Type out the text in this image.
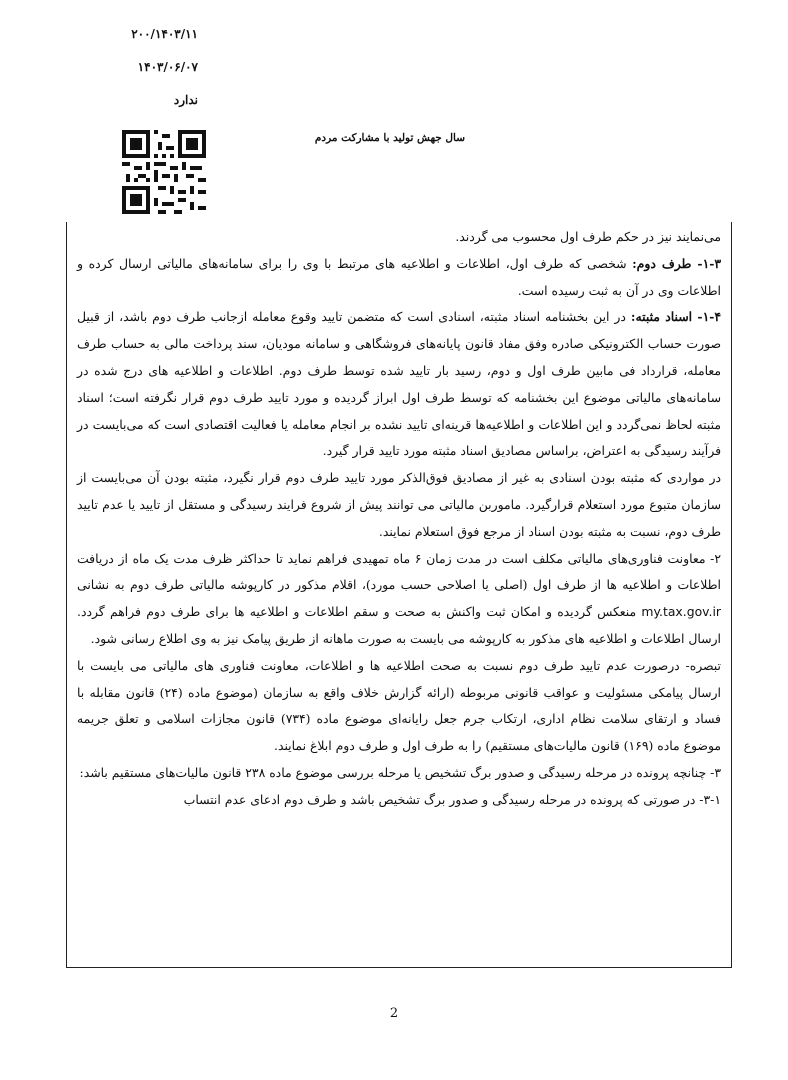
۲۰۰/۱۴۰۳/۱۱
۱۴۰۳/۰۶/۰۷
ندارد
سال جهش تولید با مشارکت مردم

می‌نمایند نیز در حکم طرف اول محسوب می گردند.

۱-۳- طرف دوم: شخصی که طرف اول، اطلاعات و اطلاعیه های مرتبط با وی را برای سامانه‌های مالیاتی ارسال کرده و اطلاعات وی در آن به ثبت رسیده است.

۱-۴- اسناد مثبته: در این بخشنامه اسناد مثبته، اسنادی است که متضمن تایید وقوع معامله ازجانب طرف دوم باشد، از قبیل صورت حساب الکترونیکی صادره وفق مفاد قانون پایانه‌های فروشگاهی و سامانه مودیان، سند پرداخت مالی به حساب طرف معامله، قرارداد فی مابین طرف اول و دوم، رسید بار تایید شده توسط طرف دوم. اطلاعات و اطلاعیه های درج شده در سامانه‌های مالیاتی موضوع این بخشنامه که توسط طرف اول ابراز گردیده و مورد تایید طرف دوم قرار نگرفته است؛ اسناد مثبته لحاظ نمی‌گردد و این اطلاعات و اطلاعیه‌ها قرینه‌ای تایید نشده بر انجام معامله یا فعالیت اقتصادی است که می‌بایست در فرآیند رسیدگی به اعتراض، براساس مصادیق اسناد مثبته مورد تایید قرار گیرد.

در مواردی که مثبته بودن اسنادی به غیر از مصادیق فوق‌الذکر مورد تایید طرف دوم قرار نگیرد، مثبته بودن آن می‌بایست از سازمان متبوع مورد استعلام قرارگیرد. ماموربن مالیاتی می توانند پیش از شروع فرایند رسیدگی و مستقل از تایید یا عدم تایید طرف دوم، نسبت به مثبته بودن اسناد از مرجع فوق استعلام نمایند.

۲- معاونت فناوری‌های مالیاتی مکلف است در مدت زمان ۶ ماه تمهیدی فراهم نماید تا حداکثر ظرف مدت یک ماه از دریافت اطلاعات و اطلاعیه ها از طرف اول (اصلی یا اصلاحی حسب مورد)، اقلام مذکور در کارپوشه مالیاتی طرف دوم به نشانی my.tax.gov.ir منعکس گردیده و امکان ثبت واکنش به صحت و سقم اطلاعات و اطلاعیه ها برای طرف دوم فراهم گردد. ارسال اطلاعات و اطلاعیه های مذکور به کارپوشه می بایست به صورت ماهانه از طریق پیامک نیز به وی اطلاع رسانی شود.

تبصره- درصورت عدم تایید طرف دوم نسبت به صحت اطلاعیه ها و اطلاعات، معاونت فناوری های مالیاتی می بایست با ارسال پیامکی مسئولیت و عواقب قانونی مربوطه (ارائه گزارش خلاف واقع به سازمان (موضوع ماده (۲۴) قانون مقابله با فساد و ارتقای سلامت نظام اداری، ارتکاب جرم جعل رایانه‌ای موضوع ماده (۷۳۴) قانون مجازات اسلامی و تعلق جریمه موضوع ماده (۱۶۹) قانون مالیات‌های مستقیم) را به طرف اول و طرف دوم ابلاغ نمایند.

۳- چنانچه پرونده در مرحله رسیدگی و صدور برگ تشخیص یا مرحله بررسی موضوع ماده ۲۳۸ قانون مالیات‌های مستقیم باشد:

۳-۱- در صورتی که پرونده در مرحله رسیدگی و صدور برگ تشخیص باشد و طرف دوم ادعای عدم انتساب

2
